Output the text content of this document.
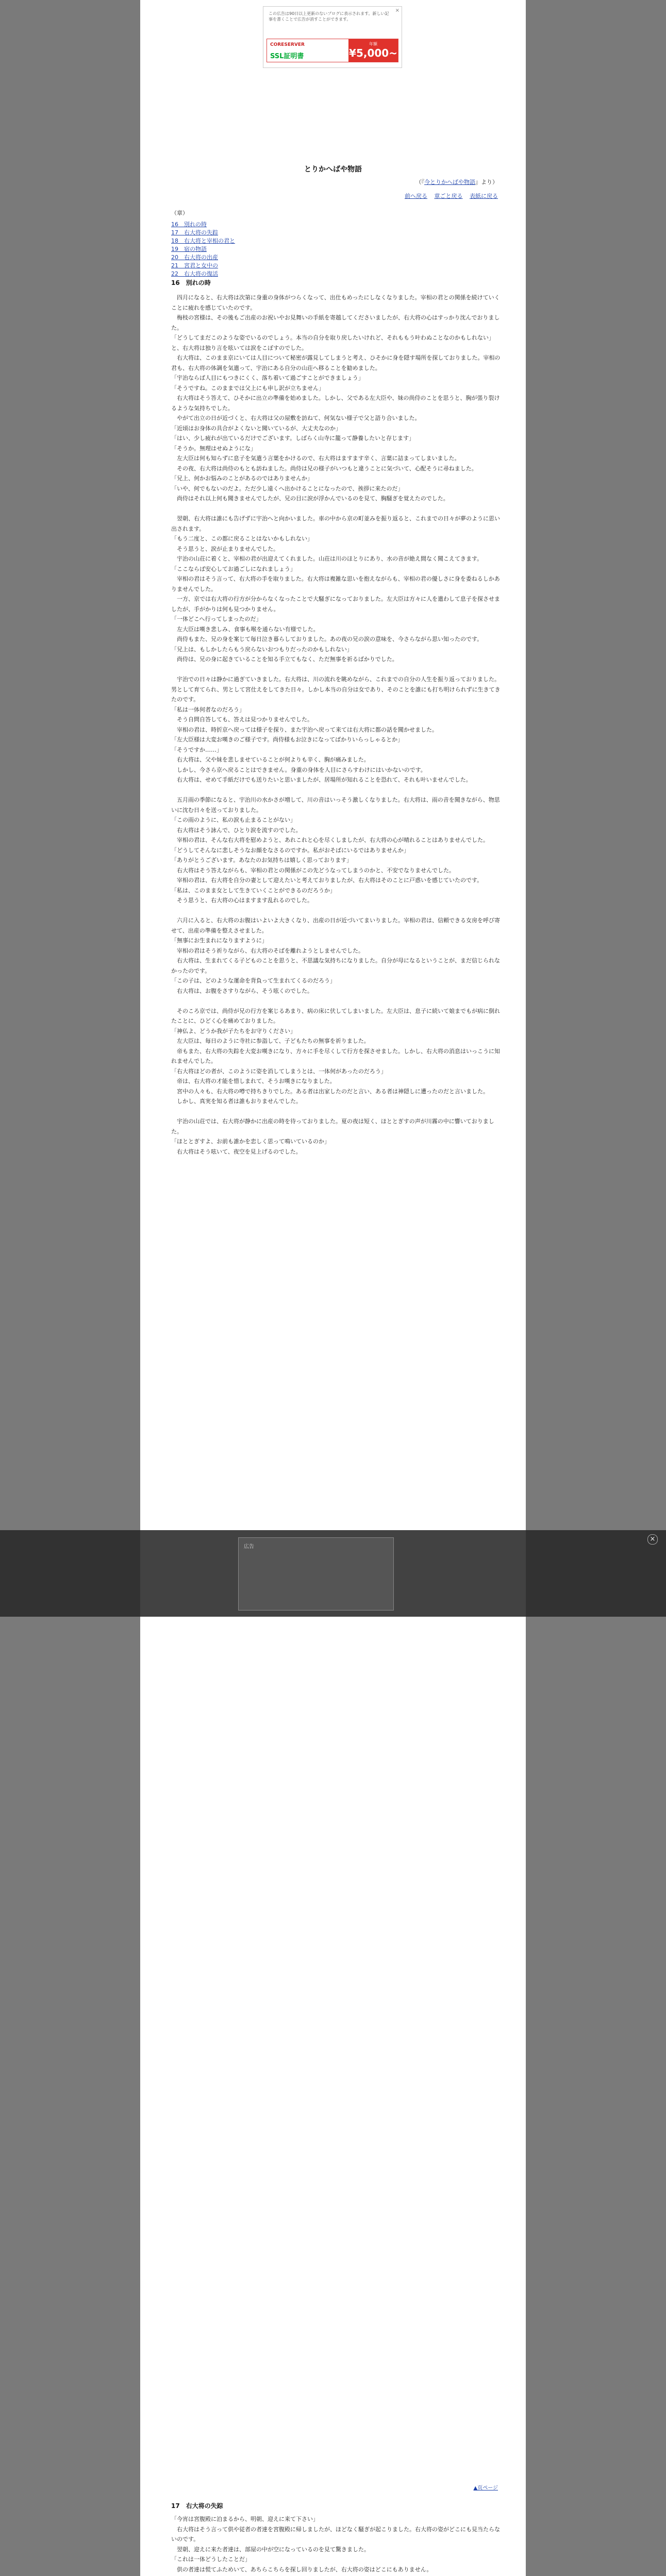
×
この広告は90日以上更新のないブログに表示されます。新しい記事を書くことで広告が消すことができます。
CORESERVER
SSL証明書
年額
¥5,000~
とりかへばや物語
（『今とりかへばや物語』より）
前へ戻る 章ごと戻る 表紙に戻る
（章）
16　別れの時
17　右大将の失踪
18　右大将と宰相の君と
19　宿の物語
20　右大将の出産
21　宮君と女中の
22　右大将の復活
16　別れの時
　四月になると、右大将は次第に身重の身体がつらくなって、出仕もめったにしなくなりました。宰相の君との関係を続けていくことに疲れを感じていたのです。
　梅枝の宮様は、その後もご出産のお祝いやお見舞いの手紙を寄越してくださいましたが、右大将の心はすっかり沈んでおりました。
「どうしてまだこのような姿でいるのでしょう。本当の自分を取り戻したいけれど、それももう叶わぬことなのかもしれない」
と、右大将は独り言を呟いては涙をこぼすのでした。
　右大将は、このまま京にいては人目について秘密が露見してしまうと考え、ひそかに身を隠す場所を探しておりました。宰相の君も、右大将の体調を気遣って、宇治にある自分の山荘へ移ることを勧めました。
「宇治ならば人目にもつきにくく、落ち着いて過ごすことができましょう」
「そうですね。このままでは父上にも申し訳が立ちません」
　右大将はそう答えて、ひそかに出立の準備を始めました。しかし、父である左大臣や、妹の尚侍のことを思うと、胸が張り裂けるような気持ちでした。
　やがて出立の日が近づくと、右大将は父の屋敷を訪ねて、何気ない様子で父と語り合いました。
「近頃はお身体の具合がよくないと聞いているが、大丈夫なのか」
「はい、少し疲れが出ているだけでございます。しばらく山寺に籠って静養したいと存じます」
「そうか。無理はせぬようにな」
　左大臣は何も知らずに息子を気遣う言葉をかけるので、右大将はますます辛く、言葉に詰まってしまいました。
　その夜、右大将は尚侍のもとも訪ねました。尚侍は兄の様子がいつもと違うことに気づいて、心配そうに尋ねました。
「兄上、何かお悩みのことがあるのではありませんか」
「いや、何でもないのだよ。ただ少し遠くへ出かけることになったので、挨拶に来たのだ」
　尚侍はそれ以上何も聞きませんでしたが、兄の目に涙が浮かんでいるのを見て、胸騒ぎを覚えたのでした。

　翌朝、右大将は誰にも告げずに宇治へと向かいました。車の中から京の町並みを振り返ると、これまでの日々が夢のように思い出されます。
「もう二度と、この都に戻ることはないかもしれない」
　そう思うと、涙が止まりませんでした。
　宇治の山荘に着くと、宰相の君が出迎えてくれました。山荘は川のほとりにあり、水の音が絶え間なく聞こえてきます。
「ここならば安心してお過ごしになれましょう」
　宰相の君はそう言って、右大将の手を取りました。右大将は複雑な思いを抱えながらも、宰相の君の優しさに身を委ねるしかありませんでした。
　一方、京では右大将の行方が分からなくなったことで大騒ぎになっておりました。左大臣は方々に人を遣わして息子を探させましたが、手がかりは何も見つかりません。
「一体どこへ行ってしまったのだ」
　左大臣は嘆き悲しみ、食事も喉を通らない有様でした。
　尚侍もまた、兄の身を案じて毎日泣き暮らしておりました。あの夜の兄の涙の意味を、今さらながら思い知ったのです。
「兄上は、もしかしたらもう戻らないおつもりだったのかもしれない」
　尚侍は、兄の身に起きていることを知る手立てもなく、ただ無事を祈るばかりでした。

　宇治での日々は静かに過ぎていきました。右大将は、川の流れを眺めながら、これまでの自分の人生を振り返っておりました。男として育てられ、男として宮仕えをしてきた日々。しかし本当の自分は女であり、そのことを誰にも打ち明けられずに生きてきたのです。
「私は一体何者なのだろう」
　そう自問自答しても、答えは見つかりませんでした。
　宰相の君は、時折京へ戻っては様子を探り、また宇治へ戻って来ては右大将に都の話を聞かせました。
「左大臣様は大変お嘆きのご様子です。尚侍様もお泣きになってばかりいらっしゃるとか」
「そうですか……」
　右大将は、父や妹を悲しませていることが何よりも辛く、胸が痛みました。
　しかし、今さら京へ戻ることはできません。身重の身体を人目にさらすわけにはいかないのです。
　右大将は、せめて手紙だけでも送りたいと思いましたが、居場所が知れることを恐れて、それも叶いませんでした。

　五月雨の季節になると、宇治川の水かさが増して、川の音はいっそう激しくなりました。右大将は、雨の音を聞きながら、物思いに沈む日々を送っておりました。
「この雨のように、私の涙も止まることがない」
　右大将はそう詠んで、ひとり涙を流すのでした。
　宰相の君は、そんな右大将を慰めようと、あれこれと心を尽くしましたが、右大将の心が晴れることはありませんでした。
「どうしてそんなに悲しそうなお顔をなさるのですか。私がおそばにいるではありませんか」
「ありがとうございます。あなたのお気持ちは嬉しく思っております」
　右大将はそう答えながらも、宰相の君との関係がこの先どうなってしまうのかと、不安でなりませんでした。
　宰相の君は、右大将を自分の妻として迎えたいと考えておりましたが、右大将はそのことに戸惑いを感じていたのです。
「私は、このまま女として生きていくことができるのだろうか」
　そう思うと、右大将の心はますます乱れるのでした。

　六月に入ると、右大将のお腹はいよいよ大きくなり、出産の日が近づいてまいりました。宰相の君は、信頼できる女房を呼び寄せて、出産の準備を整えさせました。
「無事にお生まれになりますように」
　宰相の君はそう祈りながら、右大将のそばを離れようとしませんでした。
　右大将は、生まれてくる子どものことを思うと、不思議な気持ちになりました。自分が母になるということが、まだ信じられなかったのです。
「この子は、どのような運命を背負って生まれてくるのだろう」
　右大将は、お腹をさすりながら、そう呟くのでした。

　そのころ京では、尚侍が兄の行方を案じるあまり、病の床に伏してしまいました。左大臣は、息子に続いて娘までもが病に倒れたことに、ひどく心を痛めておりました。
「神仏よ、どうか我が子たちをお守りください」
　左大臣は、毎日のように寺社に参詣して、子どもたちの無事を祈りました。
　帝もまた、右大将の失踪を大変お嘆きになり、方々に手を尽くして行方を探させました。しかし、右大将の消息はいっこうに知れませんでした。
「右大将ほどの者が、このように姿を消してしまうとは、一体何があったのだろう」
　帝は、右大将の才能を惜しまれて、そうお嘆きになりました。
　宮中の人々も、右大将の噂で持ちきりでした。ある者は出家したのだと言い、ある者は神隠しに遭ったのだと言いました。
　しかし、真実を知る者は誰もおりませんでした。

　宇治の山荘では、右大将が静かに出産の時を待っておりました。夏の夜は短く、ほととぎすの声が川霧の中に響いておりました。
「ほととぎすよ、お前も誰かを恋しく思って鳴いているのか」
　右大将はそう呟いて、夜空を見上げるのでした。
▲页ページ
17　右大将の失踪
「今宵は宮腹殿に泊まるから、明朝、迎えに来て下さい」
　右大将はそう言って供や従者の者達を宮腹殿に帰しましたが、ほどなく騒ぎが起こりました。右大将の姿がどこにも見当たらないのです。
　翌朝、迎えに来た者達は、部屋の中が空になっているのを見て驚きました。
「これは一体どうしたことだ」
　供の者達は慌てふためいて、あちらこちらを探し回りましたが、右大将の姿はどこにもありません。

広告
×
